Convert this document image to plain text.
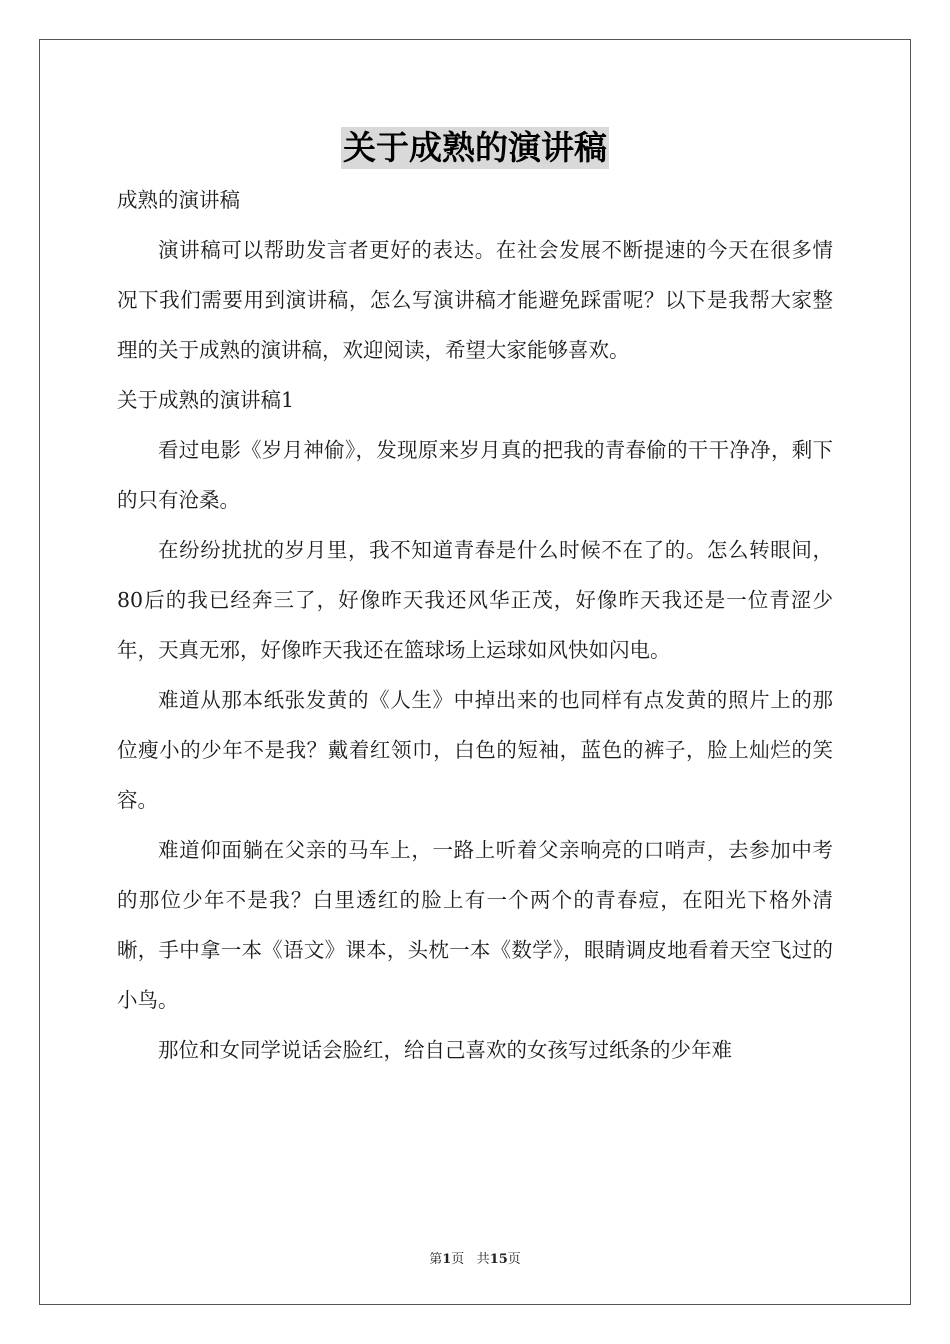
关于成熟的演讲稿

成熟的演讲稿

演讲稿可以帮助发言者更好的表达。在社会发展不断提速的今天在很多情况下我们需要用到演讲稿，怎么写演讲稿才能避免踩雷呢？以下是我帮大家整理的关于成熟的演讲稿，欢迎阅读，希望大家能够喜欢。

关于成熟的演讲稿1

看过电影《岁月神偷》，发现原来岁月真的把我的青春偷的干干净净，剩下的只有沧桑。

在纷纷扰扰的岁月里，我不知道青春是什么时候不在了的。怎么转眼间，80后的我已经奔三了，好像昨天我还风华正茂，好像昨天我还是一位青涩少年，天真无邪，好像昨天我还在篮球场上运球如风快如闪电。

难道从那本纸张发黄的《人生》中掉出来的也同样有点发黄的照片上的那位瘦小的少年不是我？戴着红领巾，白色的短袖，蓝色的裤子，脸上灿烂的笑容。

难道仰面躺在父亲的马车上，一路上听着父亲响亮的口哨声，去参加中考的那位少年不是我？白里透红的脸上有一个两个的青春痘，在阳光下格外清晰，手中拿一本《语文》课本，头枕一本《数学》，眼睛调皮地看着天空飞过的小鸟。

那位和女同学说话会脸红，给自己喜欢的女孩写过纸条的少年难

第1页 共15页
